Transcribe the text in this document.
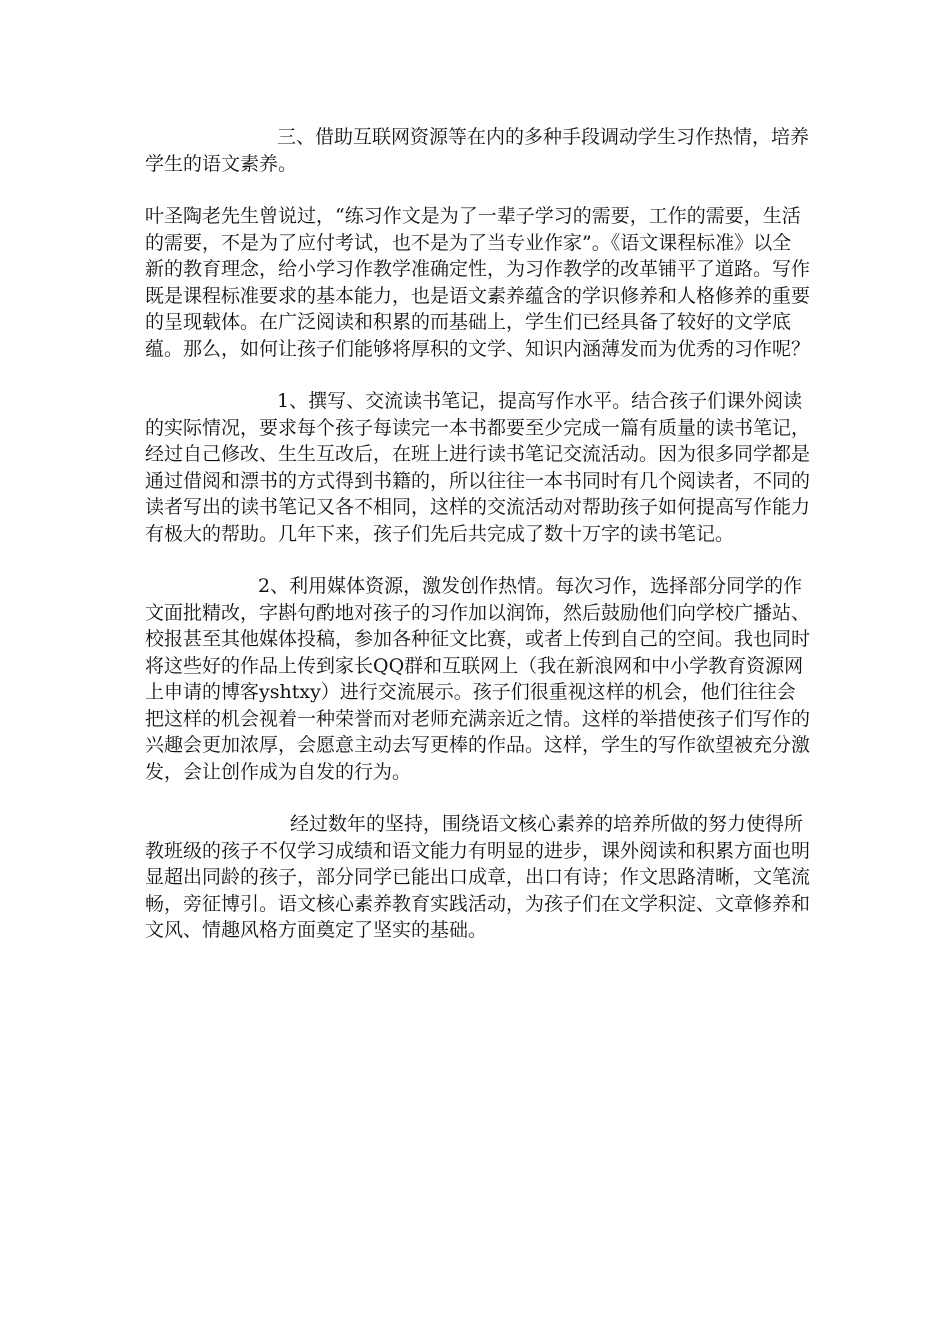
三、借助互联网资源等在内的多种手段调动学生习作热情，培养学生的语文素养。

叶圣陶老先生曾说过，“练习作文是为了一辈子学习的需要，工作的需要，生活的需要，不是为了应付考试，也不是为了当专业作家”。《语文课程标准》以全新的教育理念，给小学习作教学准确定性，为习作教学的改革铺平了道路。写作既是课程标准要求的基本能力，也是语文素养蕴含的学识修养和人格修养的重要的呈现载体。在广泛阅读和积累的而基础上，学生们已经具备了较好的文学底蕴。那么，如何让孩子们能够将厚积的文学、知识内涵薄发而为优秀的习作呢？

1、撰写、交流读书笔记，提高写作水平。结合孩子们课外阅读的实际情况，要求每个孩子每读完一本书都要至少完成一篇有质量的读书笔记，经过自己修改、生生互改后，在班上进行读书笔记交流活动。因为很多同学都是通过借阅和漂书的方式得到书籍的，所以往往一本书同时有几个阅读者，不同的读者写出的读书笔记又各不相同，这样的交流活动对帮助孩子如何提高写作能力有极大的帮助。几年下来，孩子们先后共完成了数十万字的读书笔记。

2、利用媒体资源，激发创作热情。每次习作，选择部分同学的作文面批精改，字斟句酌地对孩子的习作加以润饰，然后鼓励他们向学校广播站、校报甚至其他媒体投稿，参加各种征文比赛，或者上传到自己的空间。我也同时将这些好的作品上传到家长QQ群和互联网上（我在新浪网和中小学教育资源网上申请的博客yshtxy）进行交流展示。孩子们很重视这样的机会，他们往往会把这样的机会视着一种荣誉而对老师充满亲近之情。这样的举措使孩子们写作的兴趣会更加浓厚，会愿意主动去写更棒的作品。这样，学生的写作欲望被充分激发，会让创作成为自发的行为。

经过数年的坚持，围绕语文核心素养的培养所做的努力使得所教班级的孩子不仅学习成绩和语文能力有明显的进步，课外阅读和积累方面也明显超出同龄的孩子，部分同学已能出口成章，出口有诗；作文思路清晰，文笔流畅，旁征博引。语文核心素养教育实践活动，为孩子们在文学积淀、文章修养和文风、情趣风格方面奠定了坚实的基础。
